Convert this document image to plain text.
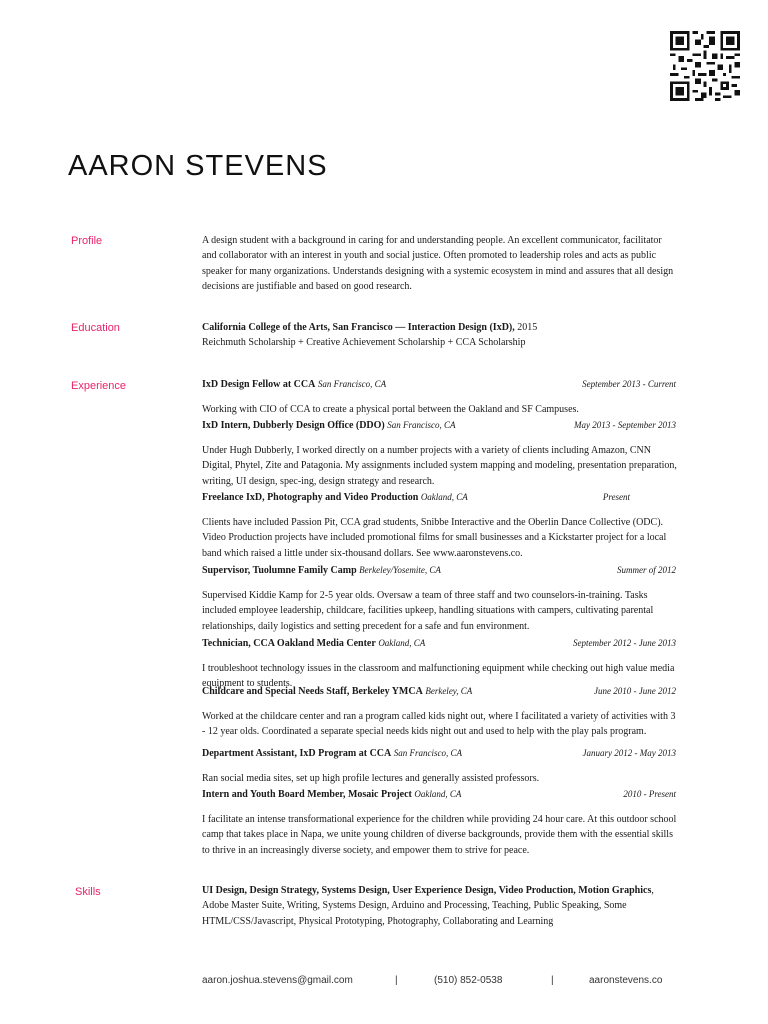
AARON STEVENS
Profile	A design student with a background in caring for and understanding people. An excellent communicator, facilitator and collaborator with an interest in youth and social justice. Often promoted to leadership roles and acts as public speaker for many organizations. Understands designing with a systemic ecosystem in mind and assures that all design decisions are justifiable and based on good research.

Education	California College of the Arts, San Francisco — Interaction Design (IxD), 2015

Reichmuth Scholarship + Creative Achievement Scholarship + CCA Scholarship

Experience	IxD Design Fellow at CCA San Francisco, CA	September 2013 - Current

Working with CIO of CCA to create a physical portal between the Oakland and SF Campuses.

IxD Intern, Dubberly Design Office (DDO) San Francisco, CA	May 2013 - September 2013

Under Hugh Dubberly, I worked directly on a number projects with a variety of clients including Amazon, CNN Digital, Phytel, Zite and Patagonia. My assignments included system mapping and modeling, presentation preparation, writing, UI design, spec-ing, design strategy and research.

Freelance IxD, Photography and Video Production Oakland, CA	Present

Clients have included Passion Pit, CCA grad students, Snibbe Interactive and the Oberlin Dance Collective (ODC). Video Production projects have included promotional films for small businesses and a Kickstarter project for a local band which raised a little under six-thousand dollars. See www.aaronstevens.co.

Supervisor, Tuolumne Family Camp Berkeley/Yosemite, CA	Summer of 2012

Supervised Kiddie Kamp for 2-5 year olds. Oversaw a team of three staff and two counselors-in-training. Tasks included employee leadership, childcare, facilities upkeep, handling situations with campers, cultivating parental relationships, daily logistics and setting precedent for a safe and fun environment.

Technician, CCA Oakland Media Center Oakland, CA	September 2012 - June 2013

I troubleshoot technology issues in the classroom and malfunctioning equipment while checking out high value media equipment to students.

Childcare and Special Needs Staff, Berkeley YMCA Berkeley, CA	June 2010 - June 2012

Worked at the childcare center and ran a program called kids night out, where I facilitated a variety of activities with 3 - 12 year olds. Coordinated a separate special needs kids night out and used to help with the play pals program.

Department Assistant, IxD Program at CCA San Francisco, CA	January 2012 - May 2013

Ran social media sites, set up high profile lectures and generally assisted professors.

Intern and Youth Board Member, Mosaic Project Oakland, CA	2010 - Present

I facilitate an intense transformational experience for the children while providing 24 hour care. At this outdoor school camp that takes place in Napa, we unite young children of diverse backgrounds, provide them with the essential skills to thrive in an increasingly diverse society, and empower them to strive for peace.

Skills	UI Design, Design Strategy, Systems Design, User Experience Design, Video Production, Motion Graphics, Adobe Master Suite, Writing, Systems Design, Arduino and Processing, Teaching, Public Speaking, Some HTML/CSS/Javascript, Physical Prototyping, Photography, Collaborating and Learning

aaron.joshua.stevens@gmail.com	|	(510) 852-0538	|	aaronstevens.co
